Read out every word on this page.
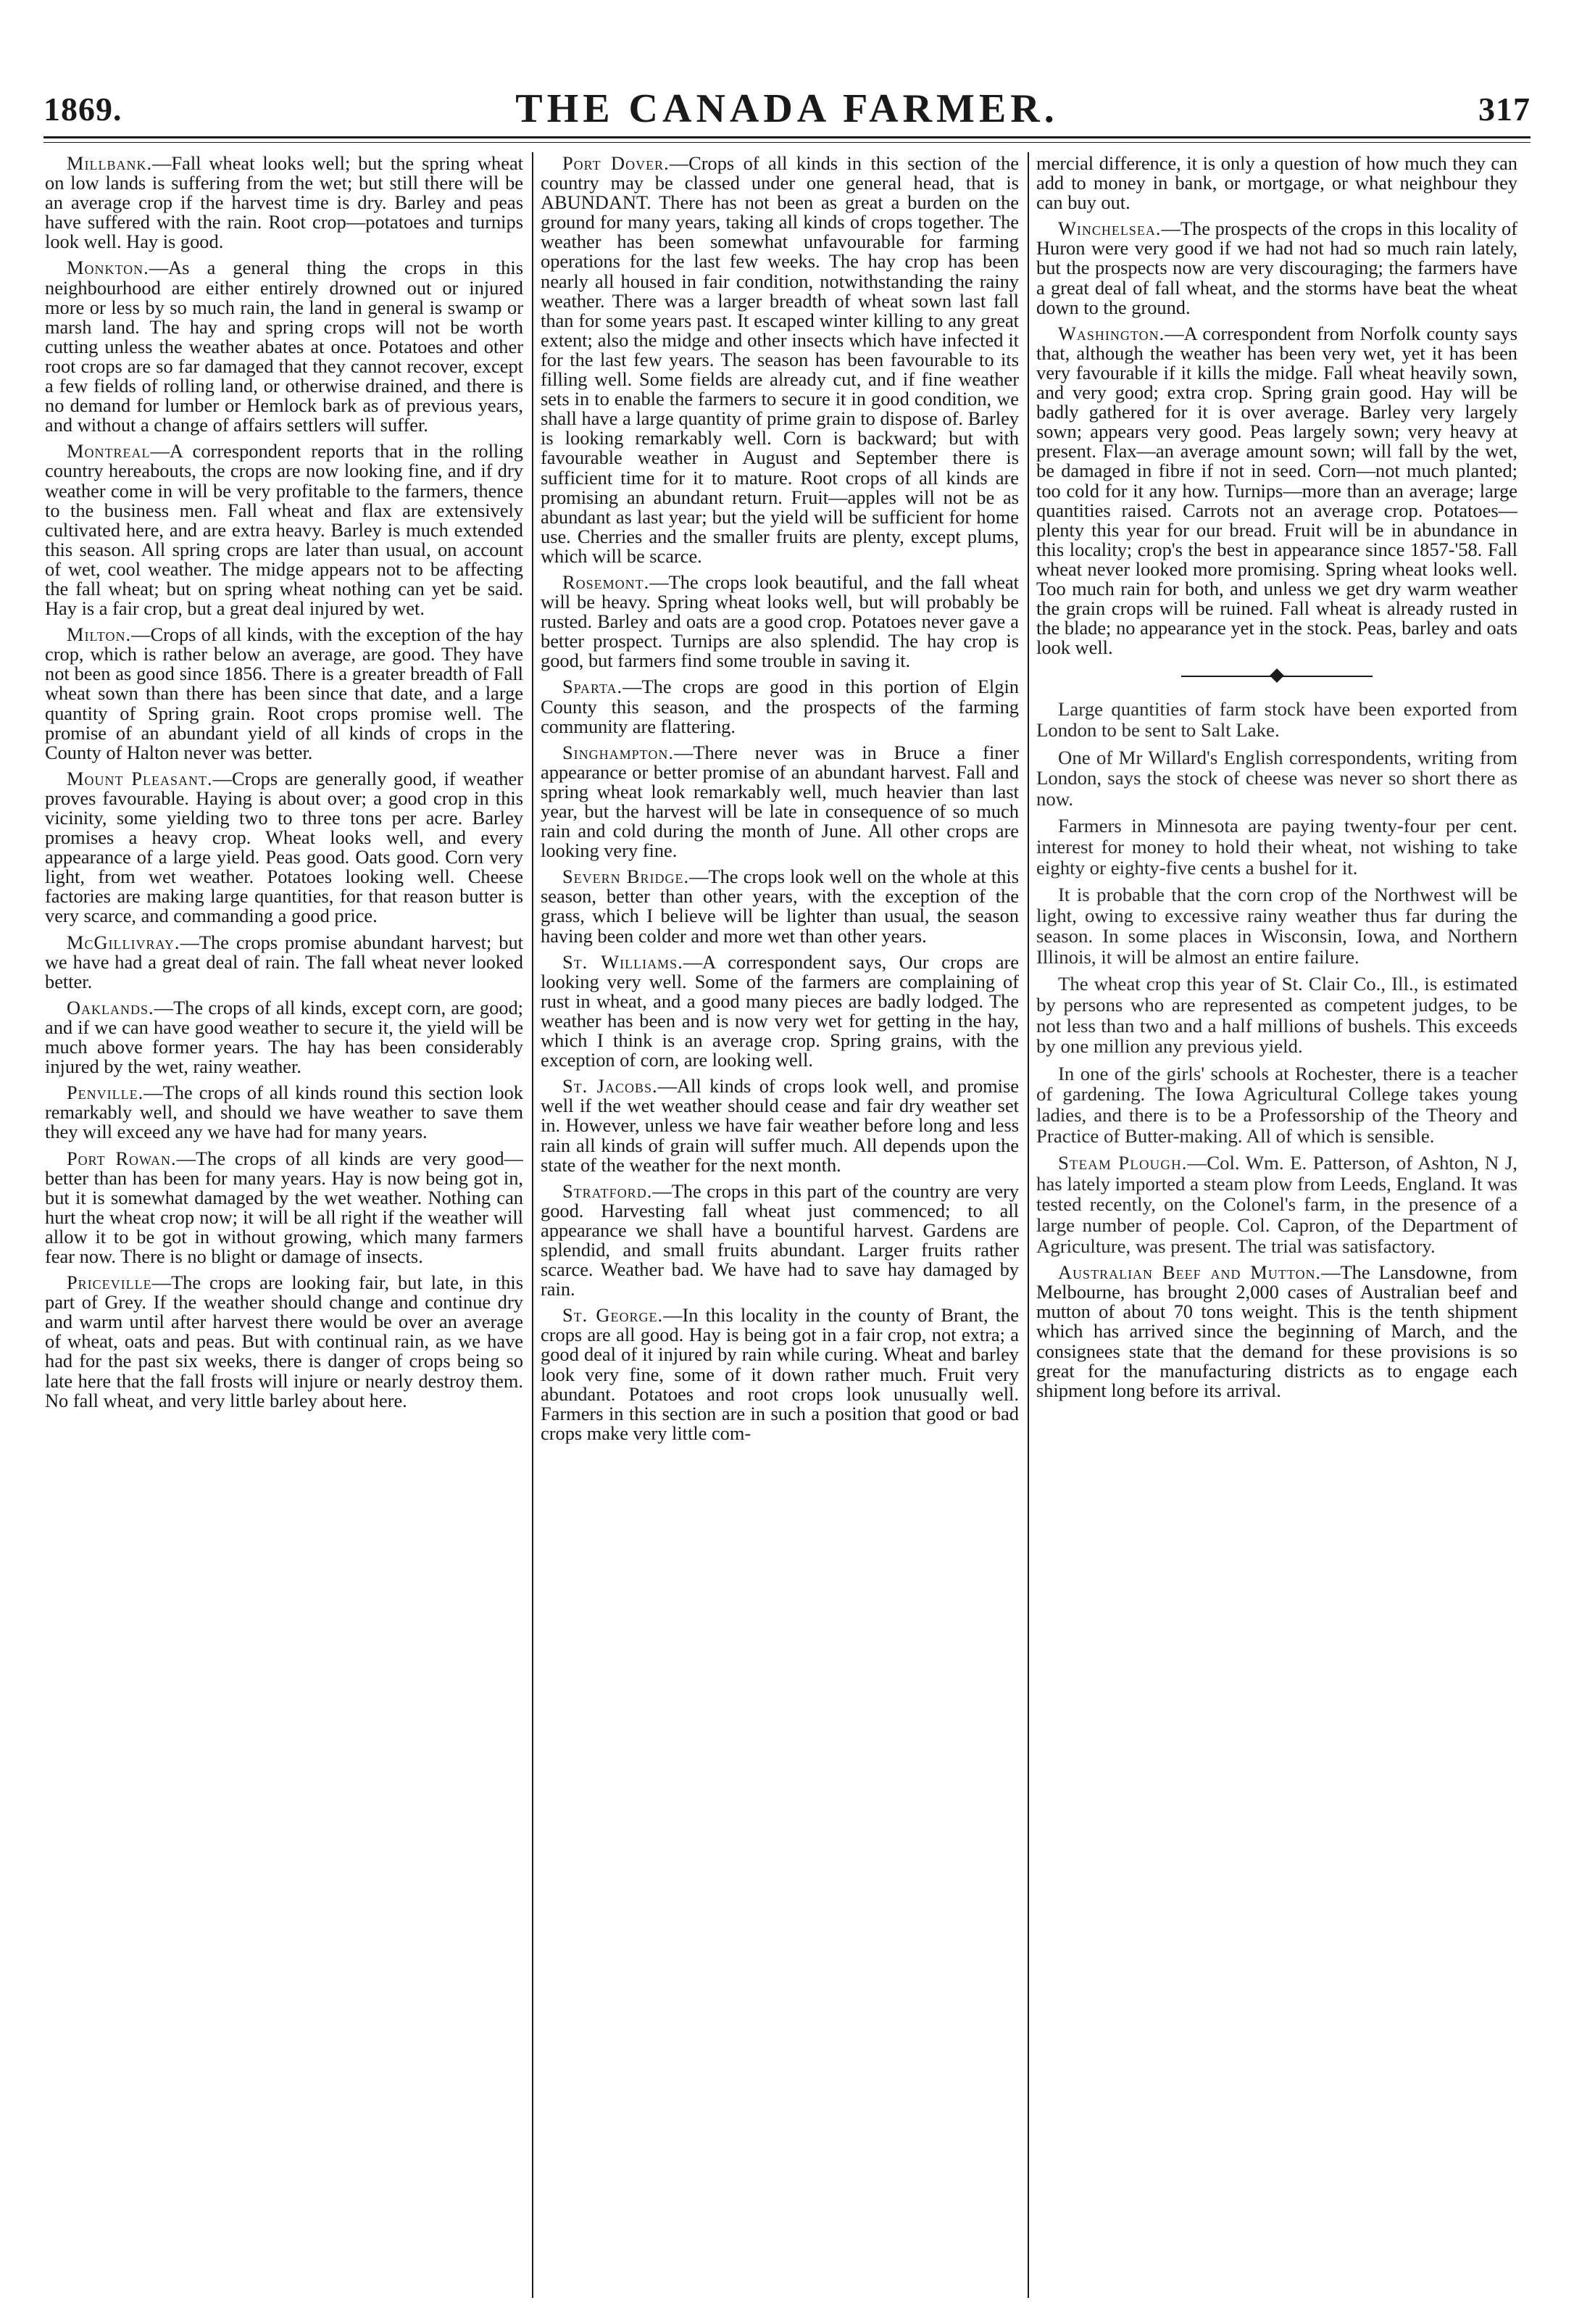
1869.	THE CANADA FARMER.	317

Millbank.—Fall wheat looks well; but the spring wheat on low lands is suffering from the wet; but still there will be an average crop if the harvest time is dry. Barley and peas have suffered with the rain. Root crop—potatoes and turnips look well. Hay is good.

Monkton.—As a general thing the crops in this neighbourhood are either entirely drowned out or injured more or less by so much rain, the land in general is swamp or marsh land. The hay and spring crops will not be worth cutting unless the weather abates at once. Potatoes and other root crops are so far damaged that they cannot recover, except a few fields of rolling land, or otherwise drained, and there is no demand for lumber or Hemlock bark as of previous years, and without a change of affairs settlers will suffer.

Montreal—A correspondent reports that in the rolling country hereabouts, the crops are now looking fine, and if dry weather come in will be very profitable to the farmers, thence to the business men. Fall wheat and flax are extensively cultivated here, and are extra heavy. Barley is much extended this season. All spring crops are later than usual, on account of wet, cool weather. The midge appears not to be affecting the fall wheat; but on spring wheat nothing can yet be said. Hay is a fair crop, but a great deal injured by wet.

Milton.—Crops of all kinds, with the exception of the hay crop, which is rather below an average, are good. They have not been as good since 1856. There is a greater breadth of Fall wheat sown than there has been since that date, and a large quantity of Spring grain. Root crops promise well. The promise of an abundant yield of all kinds of crops in the County of Halton never was better.

Mount Pleasant.—Crops are generally good, if weather proves favourable. Haying is about over; a good crop in this vicinity, some yielding two to three tons per acre. Barley promises a heavy crop. Wheat looks well, and every appearance of a large yield. Peas good. Oats good. Corn very light, from wet weather. Potatoes looking well. Cheese factories are making large quantities, for that reason butter is very scarce, and commanding a good price.

McGillivray.—The crops promise abundant harvest; but we have had a great deal of rain. The fall wheat never looked better.

Oaklands.—The crops of all kinds, except corn, are good; and if we can have good weather to secure it, the yield will be much above former years. The hay has been considerably injured by the wet, rainy weather.

Penville.—The crops of all kinds round this section look remarkably well, and should we have weather to save them they will exceed any we have had for many years.

Port Rowan.—The crops of all kinds are very good—better than has been for many years. Hay is now being got in, but it is somewhat damaged by the wet weather. Nothing can hurt the wheat crop now; it will be all right if the weather will allow it to be got in without growing, which many farmers fear now. There is no blight or damage of insects.

Priceville—The crops are looking fair, but late, in this part of Grey. If the weather should change and continue dry and warm until after harvest there would be over an average of wheat, oats and peas. But with continual rain, as we have had for the past six weeks, there is danger of crops being so late here that the fall frosts will injure or nearly destroy them. No fall wheat, and very little barley about here.

Port Dover.—Crops of all kinds in this section of the country may be classed under one general head, that is ABUNDANT. There has not been as great a burden on the ground for many years, taking all kinds of crops together. The weather has been somewhat unfavourable for farming operations for the last few weeks. The hay crop has been nearly all housed in fair condition, notwithstanding the rainy weather. There was a larger breadth of wheat sown last fall than for some years past. It escaped winter killing to any great extent; also the midge and other insects which have infected it for the last few years. The season has been favourable to its filling well. Some fields are already cut, and if fine weather sets in to enable the farmers to secure it in good condition, we shall have a large quantity of prime grain to dispose of. Barley is looking remarkably well. Corn is backward; but with favourable weather in August and September there is sufficient time for it to mature. Root crops of all kinds are promising an abundant return. Fruit—apples will not be as abundant as last year; but the yield will be sufficient for home use. Cherries and the smaller fruits are plenty, except plums, which will be scarce.

Rosemont.—The crops look beautiful, and the fall wheat will be heavy. Spring wheat looks well, but will probably be rusted. Barley and oats are a good crop. Potatoes never gave a better prospect. Turnips are also splendid. The hay crop is good, but farmers find some trouble in saving it.

Sparta.—The crops are good in this portion of Elgin County this season, and the prospects of the farming community are flattering.

Singhampton.—There never was in Bruce a finer appearance or better promise of an abundant harvest. Fall and spring wheat look remarkably well, much heavier than last year, but the harvest will be late in consequence of so much rain and cold during the month of June. All other crops are looking very fine.

Severn Bridge.—The crops look well on the whole at this season, better than other years, with the exception of the grass, which I believe will be lighter than usual, the season having been colder and more wet than other years.

St. Williams.—A correspondent says, Our crops are looking very well. Some of the farmers are complaining of rust in wheat, and a good many pieces are badly lodged. The weather has been and is now very wet for getting in the hay, which I think is an average crop. Spring grains, with the exception of corn, are looking well.

St. Jacobs.—All kinds of crops look well, and promise well if the wet weather should cease and fair dry weather set in. However, unless we have fair weather before long and less rain all kinds of grain will suffer much. All depends upon the state of the weather for the next month.

Stratford.—The crops in this part of the country are very good. Harvesting fall wheat just commenced; to all appearance we shall have a bountiful harvest. Gardens are splendid, and small fruits abundant. Larger fruits rather scarce. Weather bad. We have had to save hay damaged by rain.

St. George.—In this locality in the county of Brant, the crops are all good. Hay is being got in a fair crop, not extra; a good deal of it injured by rain while curing. Wheat and barley look very fine, some of it down rather much. Fruit very abundant. Potatoes and root crops look unusually well. Farmers in this section are in such a position that good or bad crops make very little com-

mercial difference, it is only a question of how much they can add to money in bank, or mortgage, or what neighbour they can buy out.

Winchelsea.—The prospects of the crops in this locality of Huron were very good if we had not had so much rain lately, but the prospects now are very discouraging; the farmers have a great deal of fall wheat, and the storms have beat the wheat down to the ground.

Washington.—A correspondent from Norfolk county says that, although the weather has been very wet, yet it has been very favourable if it kills the midge. Fall wheat heavily sown, and very good; extra crop. Spring grain good. Hay will be badly gathered for it is over average. Barley very largely sown; appears very good. Peas largely sown; very heavy at present. Flax—an average amount sown; will fall by the wet, be damaged in fibre if not in seed. Corn—not much planted; too cold for it any how. Turnips—more than an average; large quantities raised. Carrots not an average crop. Potatoes—plenty this year for our bread. Fruit will be in abundance in this locality; crop's the best in appearance since 1857-'58. Fall wheat never looked more promising. Spring wheat looks well. Too much rain for both, and unless we get dry warm weather the grain crops will be ruined. Fall wheat is already rusted in the blade; no appearance yet in the stock. Peas, barley and oats look well.

Large quantities of farm stock have been exported from London to be sent to Salt Lake.

One of Mr Willard's English correspondents, writing from London, says the stock of cheese was never so short there as now.

Farmers in Minnesota are paying twenty-four per cent. interest for money to hold their wheat, not wishing to take eighty or eighty-five cents a bushel for it.

It is probable that the corn crop of the Northwest will be light, owing to excessive rainy weather thus far during the season. In some places in Wisconsin, Iowa, and Northern Illinois, it will be almost an entire failure.

The wheat crop this year of St. Clair Co., Ill., is estimated by persons who are represented as competent judges, to be not less than two and a half millions of bushels. This exceeds by one million any previous yield.

In one of the girls' schools at Rochester, there is a teacher of gardening. The Iowa Agricultural College takes young ladies, and there is to be a Professorship of the Theory and Practice of Butter-making. All of which is sensible.

Steam Plough.—Col. Wm. E. Patterson, of Ashton, N J, has lately imported a steam plow from Leeds, England. It was tested recently, on the Colonel's farm, in the presence of a large number of people. Col. Capron, of the Department of Agriculture, was present. The trial was satisfactory.

Australian Beef and Mutton.—The Lansdowne, from Melbourne, has brought 2,000 cases of Australian beef and mutton of about 70 tons weight. This is the tenth shipment which has arrived since the beginning of March, and the consignees state that the demand for these provisions is so great for the manufacturing districts as to engage each shipment long before its arrival.
